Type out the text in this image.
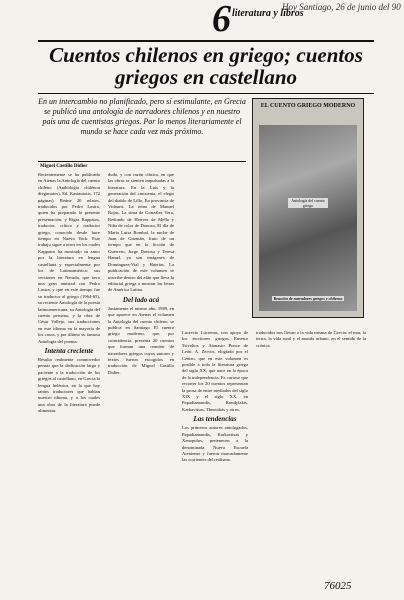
6 literatura y libros
Hoy Santiago, 26 de junio del 90
Cuentos chilenos en griego; cuentos griegos en castellano
En un intercambio no planificado, pero sí estimulante, en Grecia se publicó una antología de narradores chilenos y en nuestro país una de cuentistas griegos. Por lo menos literariamente el mundo se hace cada vez más próximo.
Miguel Castillo Didier
EL CUENTO GRIEGO MODERNO
Antología del cuento griego
Reunión de narradores griegos y chilenos
Recientemente se ha publicado en Atenas la Antología del cuento chileno (Anthología chilénou diegimatos), Ed. Kastaniotis, 172 páginas). Reúne 20 relatos, traducidos por Pedro Lastra, quien ha preparado la presente presentación, y Rigas Kappatos, traductor, crítico y traductor griego, conocido desde hace tiempo en Nueva York. Este trabajo sigue a otros en los cuales Kappatos ha mostrado su amor por la literatura en lengua castellana y especialmente por los de Latinoamérica: sus versiones en Neruda, que tuvo una gran amistad con Pedro Lastra, y que en este tiempo fue su traductor al griego (1964-65), su reciente Antología de la poesía latinoamericana, su Antología del cuento peruano, y la obra de César Vallejo, sus traducciones en este idioma en la mayoría de los casos, y por último su famosa Antología del poema.
Intenta creciente
Resulta realmente conmovedor pensar que la dedicación larga y paciente a la traducción de los griegos al castellano, en Grecia la lengua helénica, en la que hay tantos traductores que hablan nuestro idioma, y a los cuales una obra de la literatura puede alimentar.
duda, y con razón clásica, en que las obras se sienten impulsadas a la literatura. En la Luis y la generación del cincuenta, el elegir del diablo de Lillo, En provincia de Vidaurri, La reina de Manuel Rojas, La sima de González Vera, Redondo de Herrera de Mella y Niña de color de Donoso, El día de María Luisa Bombal, la noche de Juan de Guzmán, fruto de un tiempo que en la ficción de Guerrero, Jorge Donoso y Teresa Hamel, ya son imágenes de Domínguez-Vial y Huertas. La publicación de este volumen se inscribe dentro del afán que lleva la editorial griega a mostrar las letras de América Latina.
Del lado acá
Justamente el mismo año, 1989, en que aparece en Atenas el volumen la Antología del cuento chileno, se publica en Santiago El cuento griego moderno, que, por coincidencia, presenta 20 cuentos que forman una reunión de narradores griegos cuyos autores y textos fueron escogidos en traducción de Miguel Castillo Didier.
Lucrecio Lúcrenas, con apoyo de los escritores griegos Ernesto Tsivelios y Atanasio Ponce de León. A. Zervos, elogiado por el Centro, que en este volumen es posible a toda la literatura griega del siglo XX, que nace en la época de la independencia. Es curioso que recorrer los 20 cuentos representan la prosa de entre mediados del siglo XIX y el siglo XX, en Papadiamandis, Kondylakis, Karkavitsas, Theotokás y otros.
Las tendencias
Los primeros autores antologados, Papadiamandis, Karkavitsas y Xenopulos, pertenecen a la denominada Nueva Escuela Ateniense y fueron marcadamente las corrientes del realismo.
traducidos nos llevan a la vida misma de Grecia: el mar, la tierra, la vida rural y el mundo urbano, en el sentido de la crónica.
76025
